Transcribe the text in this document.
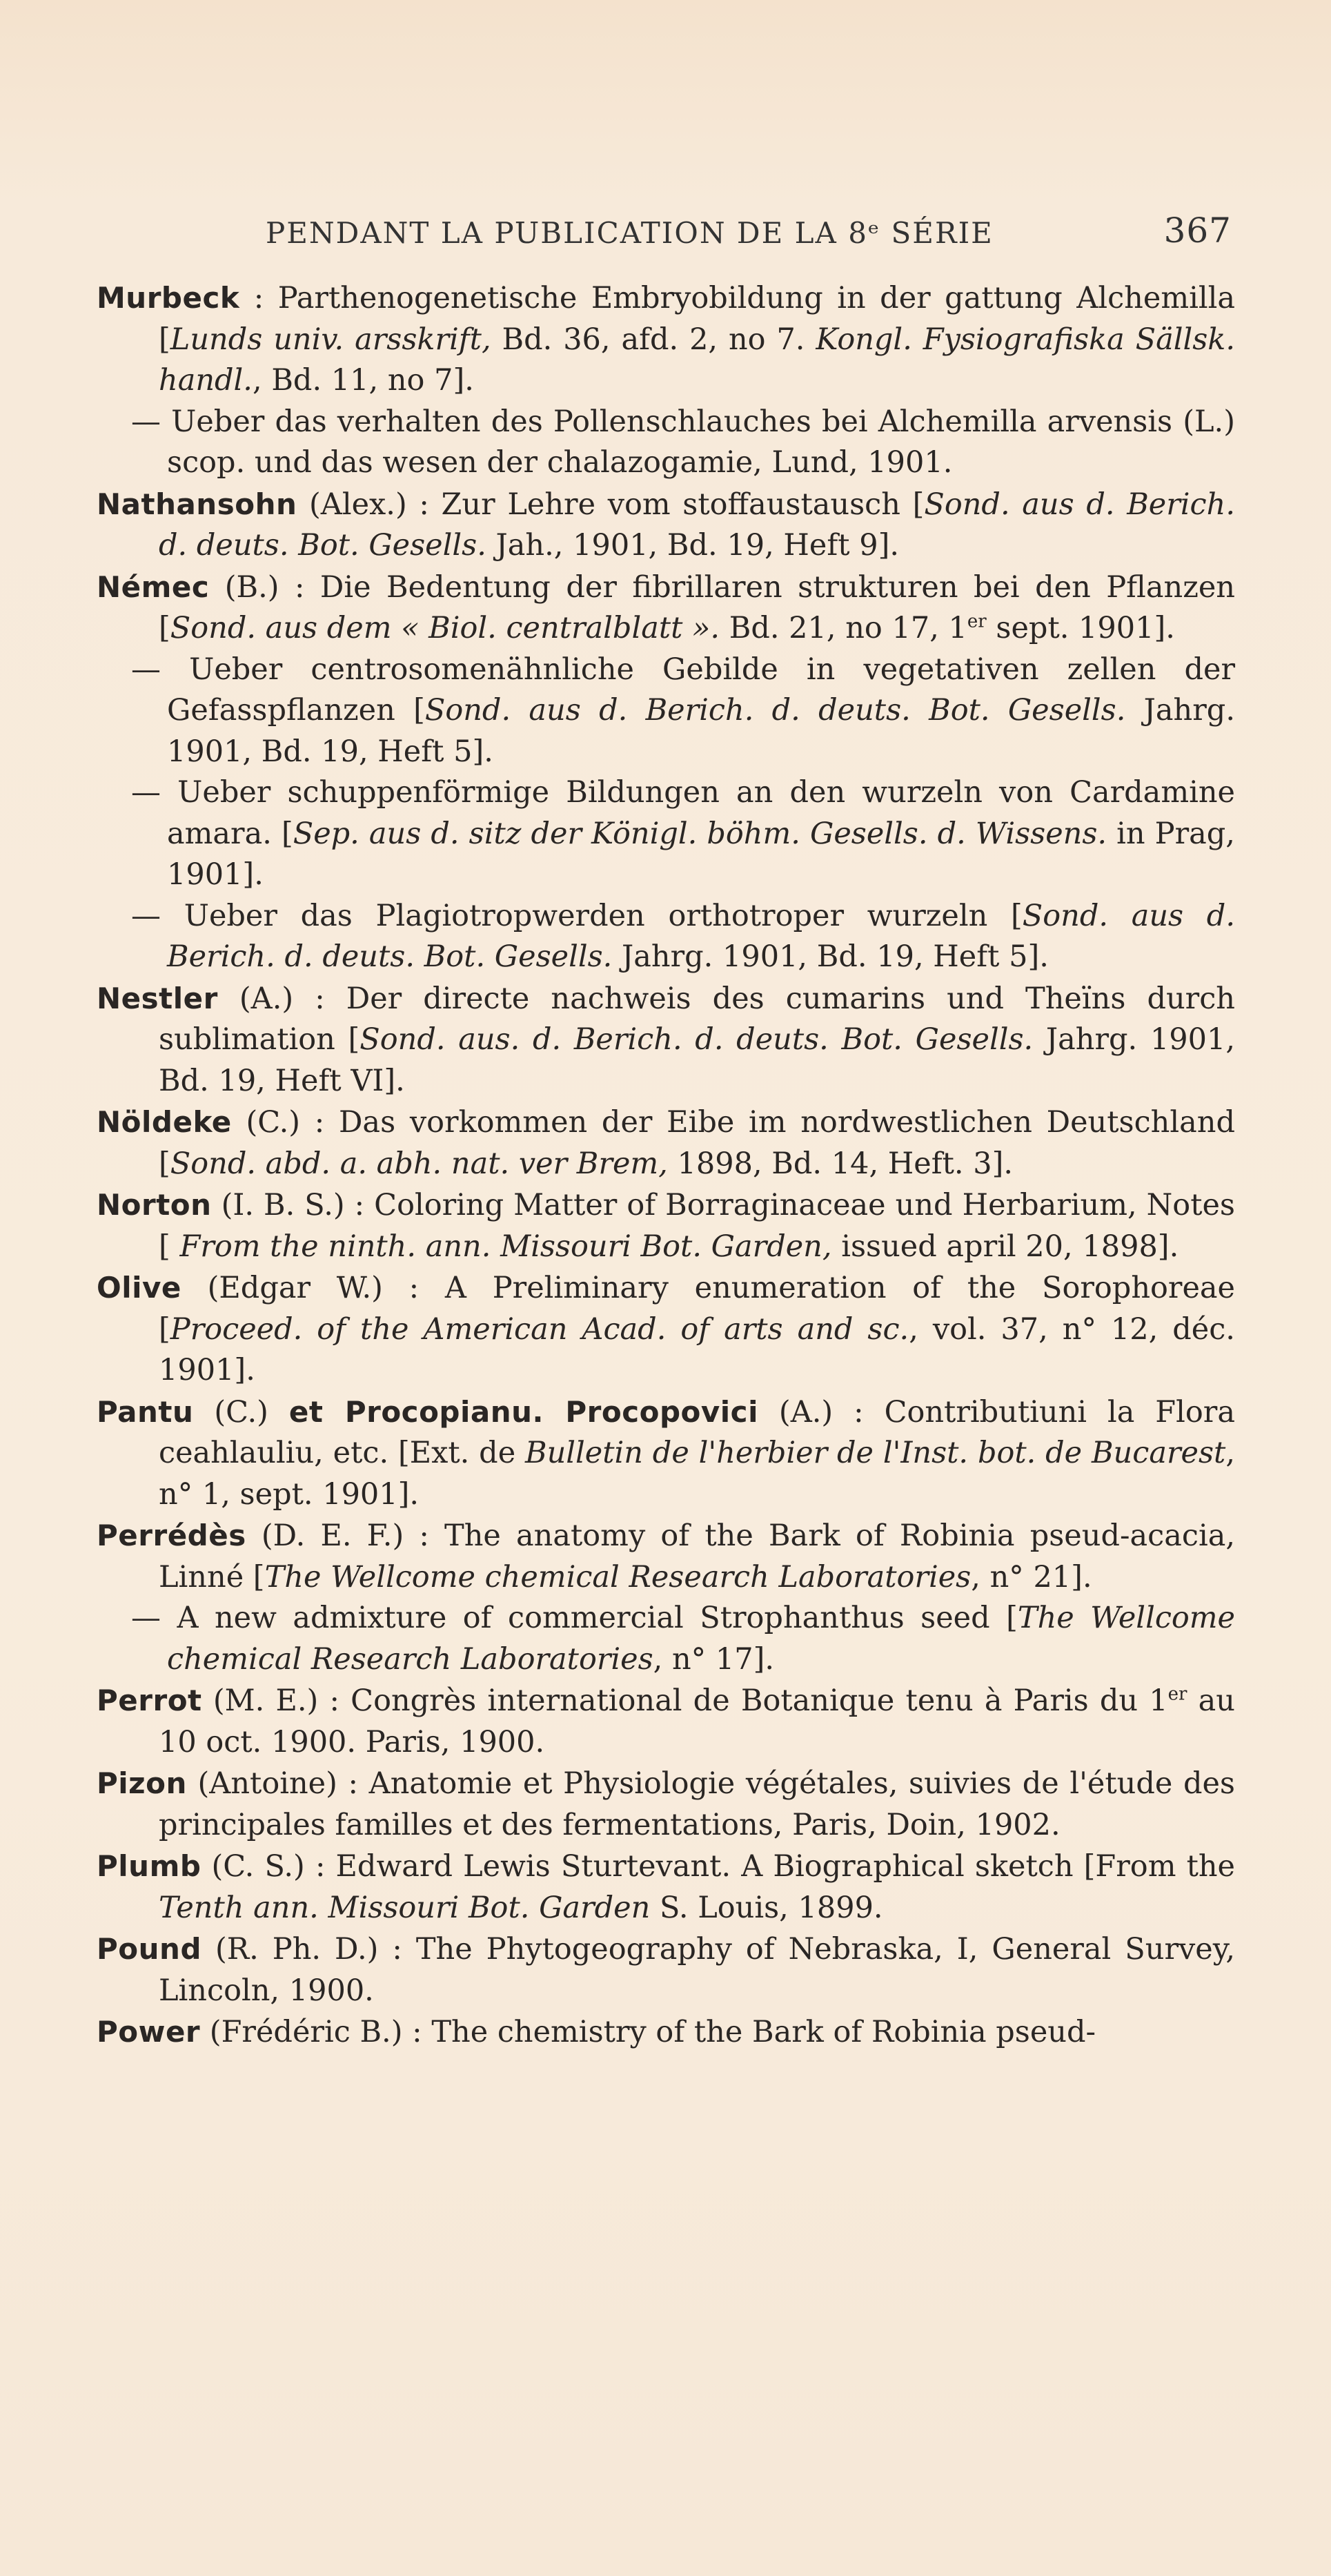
PENDANT LA PUBLICATION DE LA 8ᵉ SÉRIE	367
Murbeck : Parthenogenetische Embryobildung in der gattung Alchemilla [Lunds univ. arsskrift, Bd. 36, afd. 2, no 7. Kongl. Fysiografiska Sällsk. handl., Bd. 11, no 7].
— Ueber das verhalten des Pollenschlauches bei Alchemilla arvensis (L.) scop. und das wesen der chalazogamie, Lund, 1901.
Nathansohn (Alex.) : Zur Lehre vom stoffaustausch [Sond. aus d. Berich. d. deuts. Bot. Gesells. Jah., 1901, Bd. 19, Heft 9].
Némec (B.) : Die Bedentung der fibrillaren strukturen bei den Pflanzen [Sond. aus dem « Biol. centralblatt ». Bd. 21, no 17, 1er sept. 1901].
— Ueber centrosomenähnliche Gebilde in vegetativen zellen der Gefasspflanzen [Sond. aus d. Berich. d. deuts. Bot. Gesells. Jahrg. 1901, Bd. 19, Heft 5].
— Ueber schuppenförmige Bildungen an den wurzeln von Cardamine amara. [Sep. aus d. sitz der Königl. böhm. Gesells. d. Wissens. in Prag, 1901].
— Ueber das Plagiotropwerden orthotroper wurzeln [Sond. aus d. Berich. d. deuts. Bot. Gesells. Jahrg. 1901, Bd. 19, Heft 5].
Nestler (A.) : Der directe nachweis des cumarins und Theïns durch sublimation [Sond. aus. d. Berich. d. deuts. Bot. Gesells. Jahrg. 1901, Bd. 19, Heft VI].
Nöldeke (C.) : Das vorkommen der Eibe im nordwestlichen Deutschland [Sond. abd. a. abh. nat. ver Brem, 1898, Bd. 14, Heft. 3].
Norton (I. B. S.) : Coloring Matter of Borraginaceae und Herbarium, Notes [ From the ninth. ann. Missouri Bot. Garden, issued april 20, 1898].
Olive (Edgar W.) : A Preliminary enumeration of the Sorophoreae [Proceed. of the American Acad. of arts and sc., vol. 37, n° 12, déc. 1901].
Pantu (C.) et Procopianu. Procopovici (A.) : Contributiuni la Flora ceahlauliu, etc. [Ext. de Bulletin de l'herbier de l'Inst. bot. de Bucarest, n° 1, sept. 1901].
Perrédès (D. E. F.) : The anatomy of the Bark of Robinia pseud-acacia, Linné [The Wellcome chemical Research Laboratories, n° 21].
— A new admixture of commercial Strophanthus seed [The Wellcome chemical Research Laboratories, n° 17].
Perrot (M. E.) : Congrès international de Botanique tenu à Paris du 1er au 10 oct. 1900. Paris, 1900.
Pizon (Antoine) : Anatomie et Physiologie végétales, suivies de l'étude des principales familles et des fermentations, Paris, Doin, 1902.
Plumb (C. S.) : Edward Lewis Sturtevant. A Biographical sketch [From the Tenth ann. Missouri Bot. Garden S. Louis, 1899.
Pound (R. Ph. D.) : The Phytogeography of Nebraska, I, General Survey, Lincoln, 1900.
Power (Frédéric B.) : The chemistry of the Bark of Robinia pseud-
